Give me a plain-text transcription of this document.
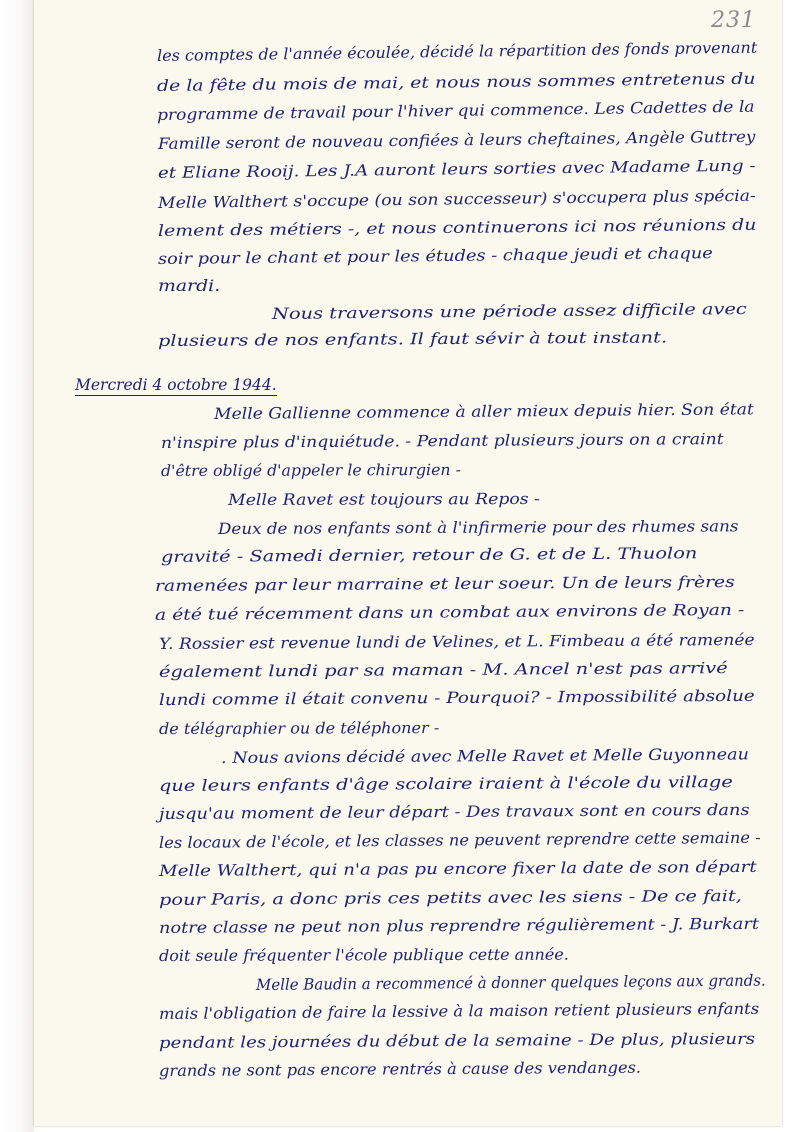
231
Mercredi 4 octobre 1944.
les comptes de l'année écoulée, décidé la répartition des fonds provenant
de la fête du mois de mai, et nous nous sommes entretenus du
programme de travail pour l'hiver qui commence. Les Cadettes de la
Famille seront de nouveau confiées à leurs cheftaines, Angèle Guttrey
et Eliane Rooij. Les J.A auront leurs sorties avec Madame Lung -
Melle Walthert s'occupe (ou son successeur) s'occupera plus spécia-
lement des métiers -, et nous continuerons ici nos réunions du
soir pour le chant et pour les études - chaque jeudi et chaque
mardi.
Nous traversons une période assez difficile avec
plusieurs de nos enfants. Il faut sévir à tout instant.
Melle Gallienne commence à aller mieux depuis hier. Son état
n'inspire plus d'inquiétude. - Pendant plusieurs jours on a craint
d'être obligé d'appeler le chirurgien -
Melle Ravet est toujours au Repos -
Deux de nos enfants sont à l'infirmerie pour des rhumes sans
gravité - Samedi dernier, retour de G. et de L. Thuolon
ramenées par leur marraine et leur soeur. Un de leurs frères
a été tué récemment dans un combat aux environs de Royan -
Y. Rossier est revenue lundi de Velines, et L. Fimbeau a été ramenée
également lundi par sa maman - M. Ancel n'est pas arrivé
lundi comme il était convenu - Pourquoi? - Impossibilité absolue
de télégraphier ou de téléphoner -
. Nous avions décidé avec Melle Ravet et Melle Guyonneau
que leurs enfants d'âge scolaire iraient à l'école du village
jusqu'au moment de leur départ - Des travaux sont en cours dans
les locaux de l'école, et les classes ne peuvent reprendre cette semaine -
Melle Walthert, qui n'a pas pu encore fixer la date de son départ
pour Paris, a donc pris ces petits avec les siens - De ce fait,
notre classe ne peut non plus reprendre régulièrement - J. Burkart
doit seule fréquenter l'école publique cette année.
Melle Baudin a recommencé à donner quelques leçons aux grands.
mais l'obligation de faire la lessive à la maison retient plusieurs enfants
pendant les journées du début de la semaine - De plus, plusieurs
grands ne sont pas encore rentrés à cause des vendanges.
